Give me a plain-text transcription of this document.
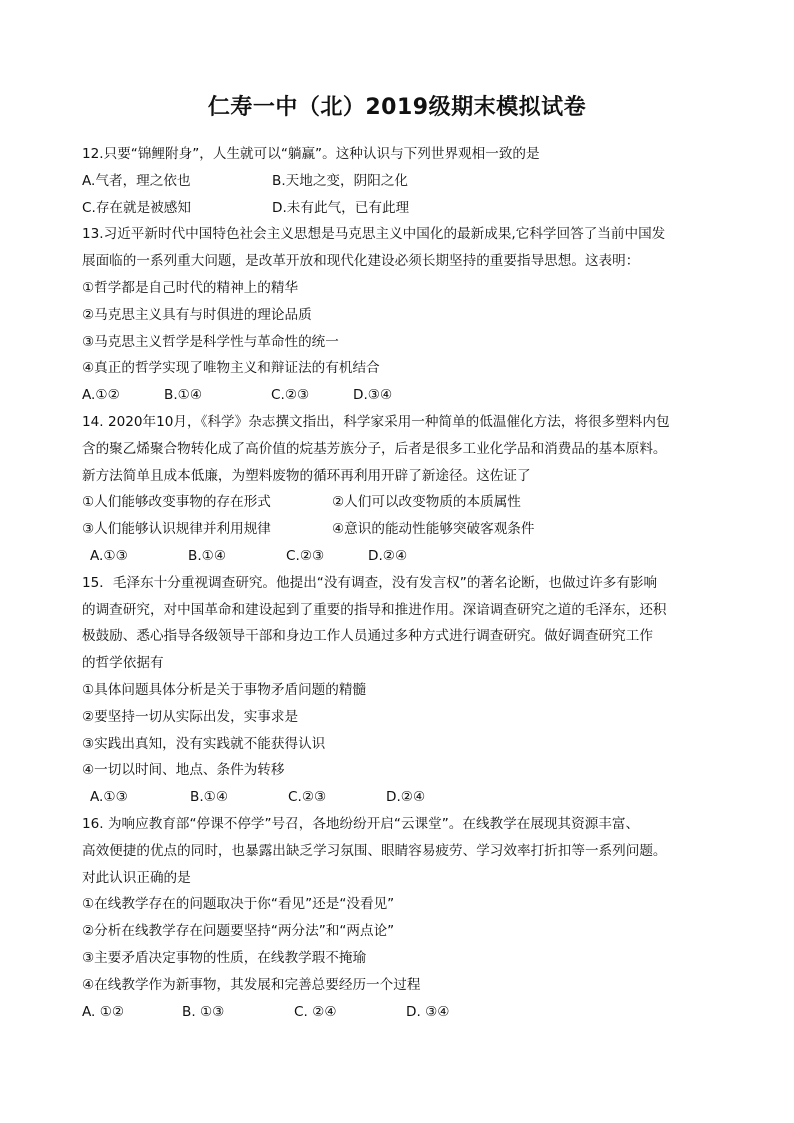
仁寿一中（北）2019级期末模拟试卷
12.只要“锦鲤附身”，人生就可以“躺赢”。这种认识与下列世界观相一致的是
A.气者，理之依也	B.天地之变，阴阳之化
C.存在就是被感知	D.未有此气，已有此理
13.习近平新时代中国特色社会主义思想是马克思主义中国化的最新成果,它科学回答了当前中国发
展面临的一系列重大问题，是改革开放和现代化建设必须长期坚持的重要指导思想。这表明：
①哲学都是自己时代的精神上的精华
②马克思主义具有与时俱进的理论品质
③马克思主义哲学是科学性与革命性的统一
④真正的哲学实现了唯物主义和辩证法的有机结合
A.①②	B.①④	C.②③	D.③④
14. 2020年10月，《科学》杂志撰文指出，科学家采用一种简单的低温催化方法，将很多塑料内包
含的聚乙烯聚合物转化成了高价值的烷基芳族分子，后者是很多工业化学品和消费品的基本原料。
新方法简单且成本低廉，为塑料废物的循环再利用开辟了新途径。这佐证了
①人们能够改变事物的存在形式	②人们可以改变物质的本质属性
③人们能够认识规律并利用规律	④意识的能动性能够突破客观条件
A.①③	B.①④	C.②③	D.②④
15．毛泽东十分重视调查研究。他提出“没有调查，没有发言权”的著名论断，也做过许多有影响
的调查研究，对中国革命和建设起到了重要的指导和推进作用。深谙调查研究之道的毛泽东，还积
极鼓励、悉心指导各级领导干部和身边工作人员通过多种方式进行调查研究。做好调查研究工作
的哲学依据有
①具体问题具体分析是关于事物矛盾问题的精髓
②要坚持一切从实际出发，实事求是
③实践出真知，没有实践就不能获得认识
④一切以时间、地点、条件为转移
A.①③	B.①④	C.②③	D.②④
16. 为响应教育部“停课不停学”号召，各地纷纷开启“云课堂”。在线教学在展现其资源丰富、
高效便捷的优点的同时，也暴露出缺乏学习氛围、眼睛容易疲劳、学习效率打折扣等一系列问题。
对此认识正确的是
①在线教学存在的问题取决于你“看见”还是“没看见”
②分析在线教学存在问题要坚持“两分法”和“两点论”
③主要矛盾决定事物的性质，在线教学瑕不掩瑜
④在线教学作为新事物，其发展和完善总要经历一个过程
A. ①②	B. ①③	C. ②④	D. ③④
